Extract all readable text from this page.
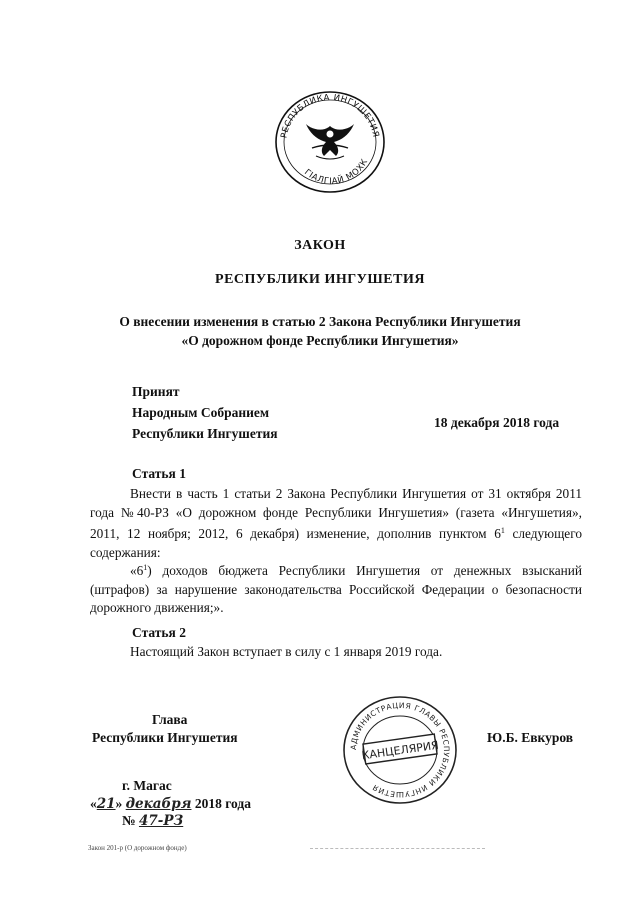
РЕСПУБЛИКА ИНГУШЕТИЯ
ГIАЛГIАЙ МОХК
ЗАКОН
РЕСПУБЛИКИ ИНГУШЕТИЯ
О внесении изменения в статью 2 Закона Республики Ингушетия
«О дорожном фонде Республики Ингушетия»
Принят
Народным Собранием
Республики Ингушетия
18 декабря 2018 года
Статья 1
Внести в часть 1 статьи 2 Закона Республики Ингушетия от 31 октября 2011 года №40-РЗ «О дорожном фонде Республики Ингушетия» (газета «Ингушетия», 2011, 12 ноября; 2012, 6 декабря) изменение, дополнив пунктом $6^1$ следующего содержания:
«$6^1$) доходов бюджета Республики Ингушетия от денежных взысканий (штрафов) за нарушение законодательства Российской Федерации о безопасности дорожного движения;».
Статья 2
Настоящий Закон вступает в силу с 1 января 2019 года.
Глава
Республики Ингушетия	Ю.Б. Евкуров
АДМИНИСТРАЦИЯ ГЛАВЫ РЕСПУБЛИКИ ИНГУШЕТИЯ
КАНЦЕЛЯРИЯ
г. Магас
«21» декабря 2018 года
№ 47-РЗ
Закон 201-р (О дорожном фонде)
